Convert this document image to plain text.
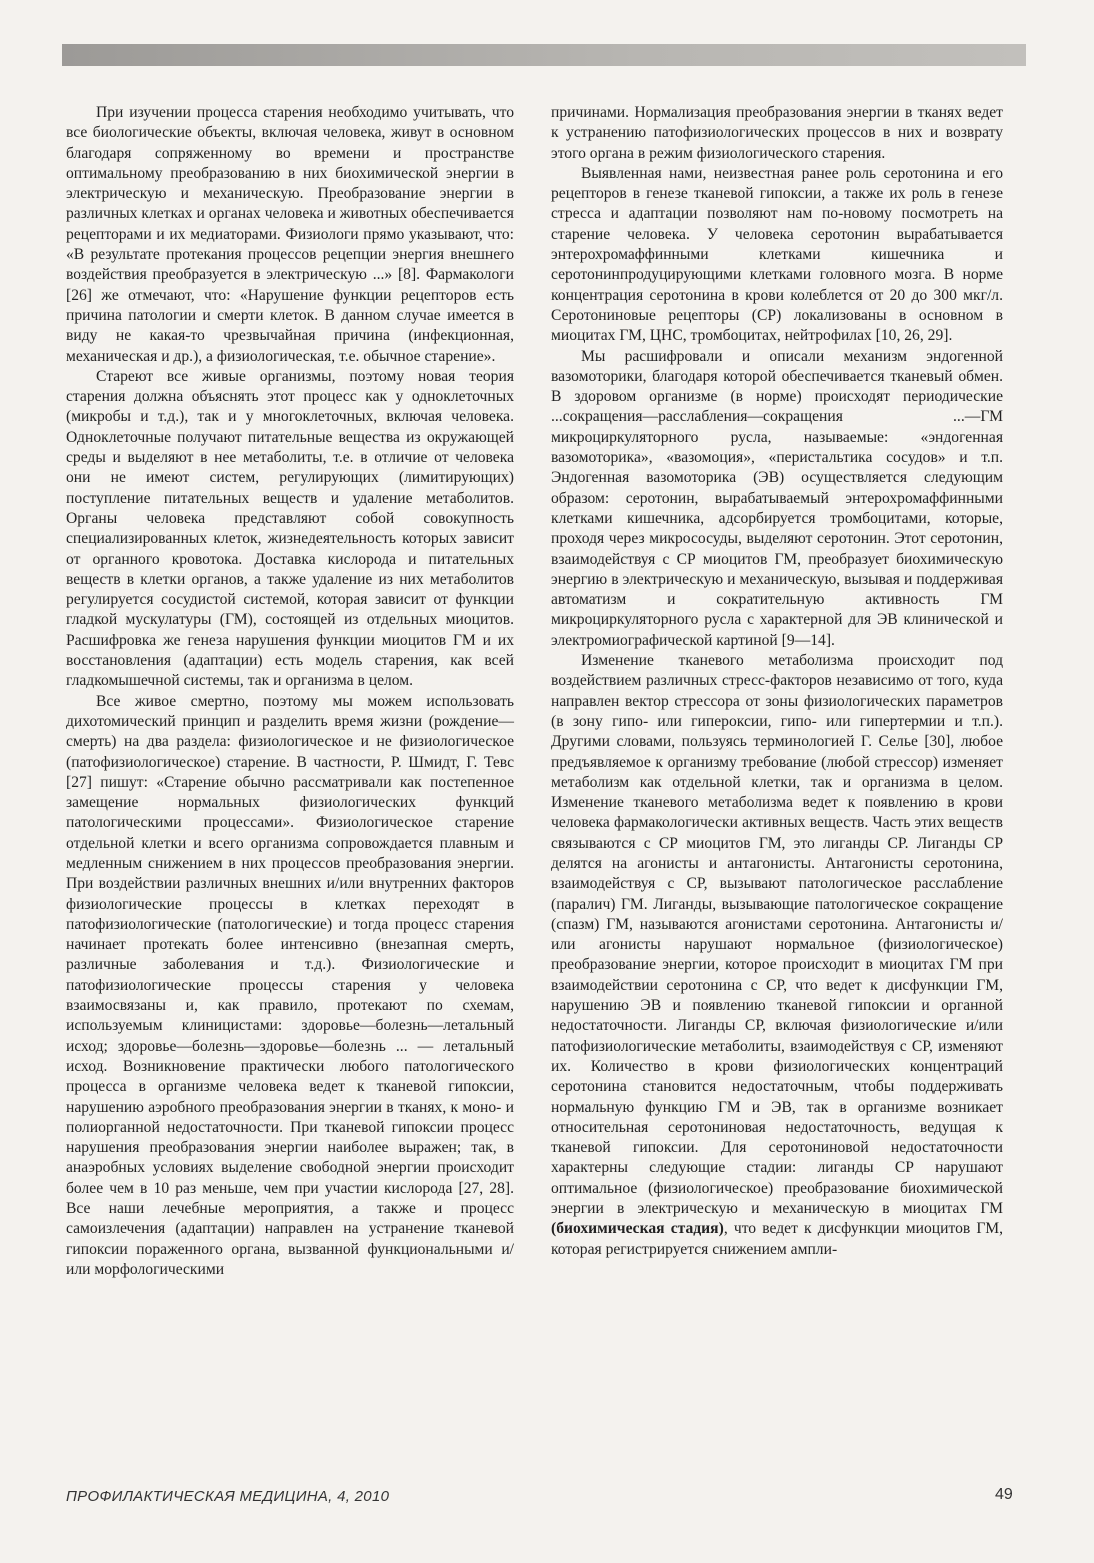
При изучении процесса старения необходимо учитывать, что все биологические объекты, включая человека, живут в основном благодаря сопряженному во времени и пространстве оптимальному преобразованию в них биохимической энергии в электрическую и механическую. Преобразование энергии в различных клетках и органах человека и животных обеспечивается рецепторами и их медиаторами. Физиологи прямо указывают, что: «В результате протекания процессов рецепции энергия внешнего воздействия преобразуется в электрическую ...» [8]. Фармакологи [26] же отмечают, что: «Нарушение функции рецепторов есть причина патологии и смерти клеток. В данном случае имеется в виду не какая-то чрезвычайная причина (инфекционная, механическая и др.), а физиологическая, т.е. обычное старение».

Стареют все живые организмы, поэтому новая теория старения должна объяснять этот процесс как у одноклеточных (микробы и т.д.), так и у многоклеточных, включая человека. Одноклеточные получают питательные вещества из окружающей среды и выделяют в нее метаболиты, т.е. в отличие от человека они не имеют систем, регулирующих (лимитирующих) поступление питательных веществ и удаление метаболитов. Органы человека представляют собой совокупность специализированных клеток, жизнедеятельность которых зависит от органного кровотока. Доставка кислорода и питательных веществ в клетки органов, а также удаление из них метаболитов регулируется сосудистой системой, которая зависит от функции гладкой мускулатуры (ГМ), состоящей из отдельных миоцитов. Расшифровка же генеза нарушения функции миоцитов ГМ и их восстановления (адаптации) есть модель старения, как всей гладкомышечной системы, так и организма в целом.

Все живое смертно, поэтому мы можем использовать дихотомический принцип и разделить время жизни (рождение—смерть) на два раздела: физиологическое и не физиологическое (патофизиологическое) старение. В частности, Р. Шмидт, Г. Тевс [27] пишут: «Старение обычно рассматривали как постепенное замещение нормальных физиологических функций патологическими процессами». Физиологическое старение отдельной клетки и всего организма сопровождается плавным и медленным снижением в них процессов преобразования энергии. При воздействии различных внешних и/или внутренних факторов физиологические процессы в клетках переходят в патофизиологические (патологические) и тогда процесс старения начинает протекать более интенсивно (внезапная смерть, различные заболевания и т.д.). Физиологические и патофизиологические процессы старения у человека взаимосвязаны и, как правило, протекают по схемам, используемым клиницистами: здоровье—болезнь—летальный исход; здоровье—болезнь—здоровье—болезнь ... — летальный исход. Возникновение практически любого патологического процесса в организме человека ведет к тканевой гипоксии, нарушению аэробного преобразования энергии в тканях, к моно- и полиорганной недостаточности. При тканевой гипоксии процесс нарушения преобразования энергии наиболее выражен; так, в анаэробных условиях выделение свободной энергии происходит более чем в 10 раз меньше, чем при участии кислорода [27, 28]. Все наши лечебные мероприятия, а также и процесс самоизлечения (адаптации) направлен на устранение тканевой гипоксии пораженного органа, вызванной функциональными и/или морфологическими

причинами. Нормализация преобразования энергии в тканях ведет к устранению патофизиологических процессов в них и возврату этого органа в режим физиологического старения.

Выявленная нами, неизвестная ранее роль серотонина и его рецепторов в генезе тканевой гипоксии, а также их роль в генезе стресса и адаптации позволяют нам по-новому посмотреть на старение человека. У человека серотонин вырабатывается энтерохромаффинными клетками кишечника и серотонинпродуцирующими клетками головного мозга. В норме концентрация серотонина в крови колеблется от 20 до 300 мкг/л. Серотониновые рецепторы (СР) локализованы в основном в миоцитах ГМ, ЦНС, тромбоцитах, нейтрофилах [10, 26, 29].

Мы расшифровали и описали механизм эндогенной вазомоторики, благодаря которой обеспечивается тканевый обмен. В здоровом организме (в норме) происходят периодические ...сокращения—расслабления—сокращения ...—ГМ микроциркуляторного русла, называемые: «эндогенная вазомоторика», «вазомоция», «перистальтика сосудов» и т.п. Эндогенная вазомоторика (ЭВ) осуществляется следующим образом: серотонин, вырабатываемый энтерохромаффинными клетками кишечника, адсорбируется тромбоцитами, которые, проходя через микрососуды, выделяют серотонин. Этот серотонин, взаимодействуя с СР миоцитов ГМ, преобразует биохимическую энергию в электрическую и механическую, вызывая и поддерживая автоматизм и сократительную активность ГМ микроциркуляторного русла с характерной для ЭВ клинической и электромиографической картиной [9—14].

Изменение тканевого метаболизма происходит под воздействием различных стресс-факторов независимо от того, куда направлен вектор стрессора от зоны физиологических параметров (в зону гипо- или гипероксии, гипо- или гипертермии и т.п.). Другими словами, пользуясь терминологией Г. Селье [30], любое предъявляемое к организму требование (любой стрессор) изменяет метаболизм как отдельной клетки, так и организма в целом. Изменение тканевого метаболизма ведет к появлению в крови человека фармакологически активных веществ. Часть этих веществ связываются с СР миоцитов ГМ, это лиганды СР. Лиганды СР делятся на агонисты и антагонисты. Антагонисты серотонина, взаимодействуя с СР, вызывают патологическое расслабление (паралич) ГМ. Лиганды, вызывающие патологическое сокращение (спазм) ГМ, называются агонистами серотонина. Антагонисты и/или агонисты нарушают нормальное (физиологическое) преобразование энергии, которое происходит в миоцитах ГМ при взаимодействии серотонина с СР, что ведет к дисфункции ГМ, нарушению ЭВ и появлению тканевой гипоксии и органной недостаточности. Лиганды СР, включая физиологические и/или патофизиологические метаболиты, взаимодействуя с СР, изменяют их. Количество в крови физиологических концентраций серотонина становится недостаточным, чтобы поддерживать нормальную функцию ГМ и ЭВ, так в организме возникает относительная серотониновая недостаточность, ведущая к тканевой гипоксии. Для серотониновой недостаточности характерны следующие стадии: лиганды СР нарушают оптимальное (физиологическое) преобразование биохимической энергии в электрическую и механическую в миоцитах ГМ (биохимическая стадия), что ведет к дисфункции миоцитов ГМ, которая регистрируется снижением ампли-

ПРОФИЛАКТИЧЕСКАЯ МЕДИЦИНА, 4, 2010	49
